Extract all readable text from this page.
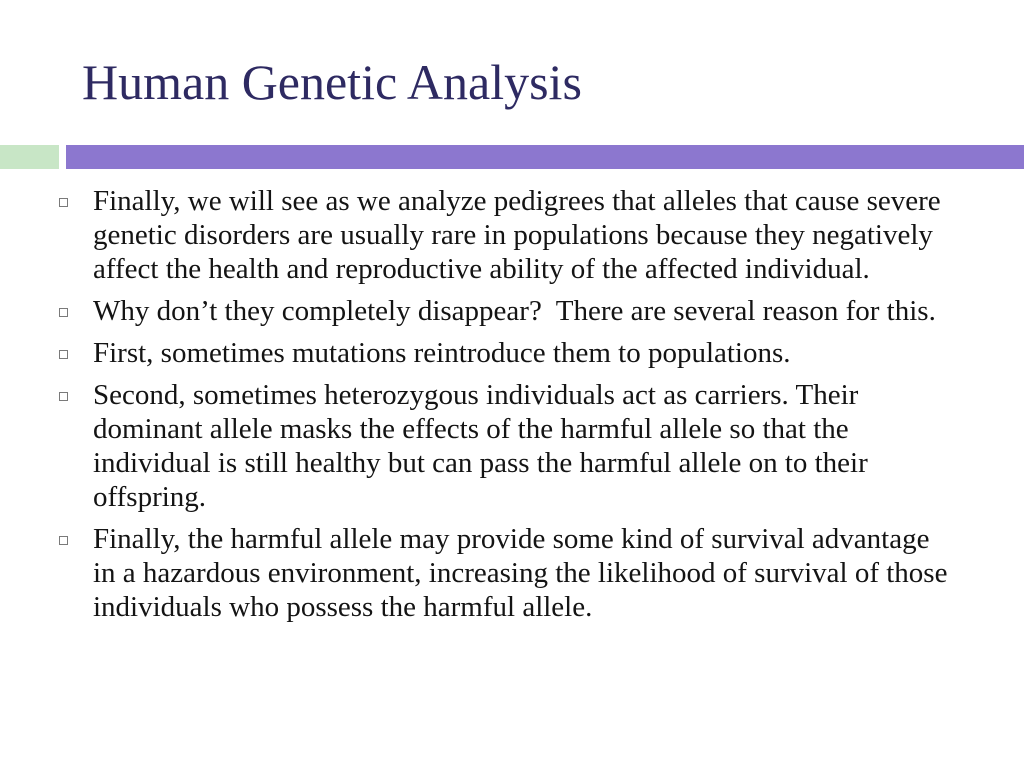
Human Genetic Analysis
Finally, we will see as we analyze pedigrees that alleles that cause severe genetic disorders are usually rare in populations because they negatively affect the health and reproductive ability of the affected individual.
Why don’t they completely disappear?  There are several reason for this.
First, sometimes mutations reintroduce them to populations.
Second, sometimes heterozygous individuals act as carriers. Their dominant allele masks the effects of the harmful allele so that the individual is still healthy but can pass the harmful allele on to their offspring.
Finally, the harmful allele may provide some kind of survival advantage in a hazardous environment, increasing the likelihood of survival of those individuals who possess the harmful allele.
